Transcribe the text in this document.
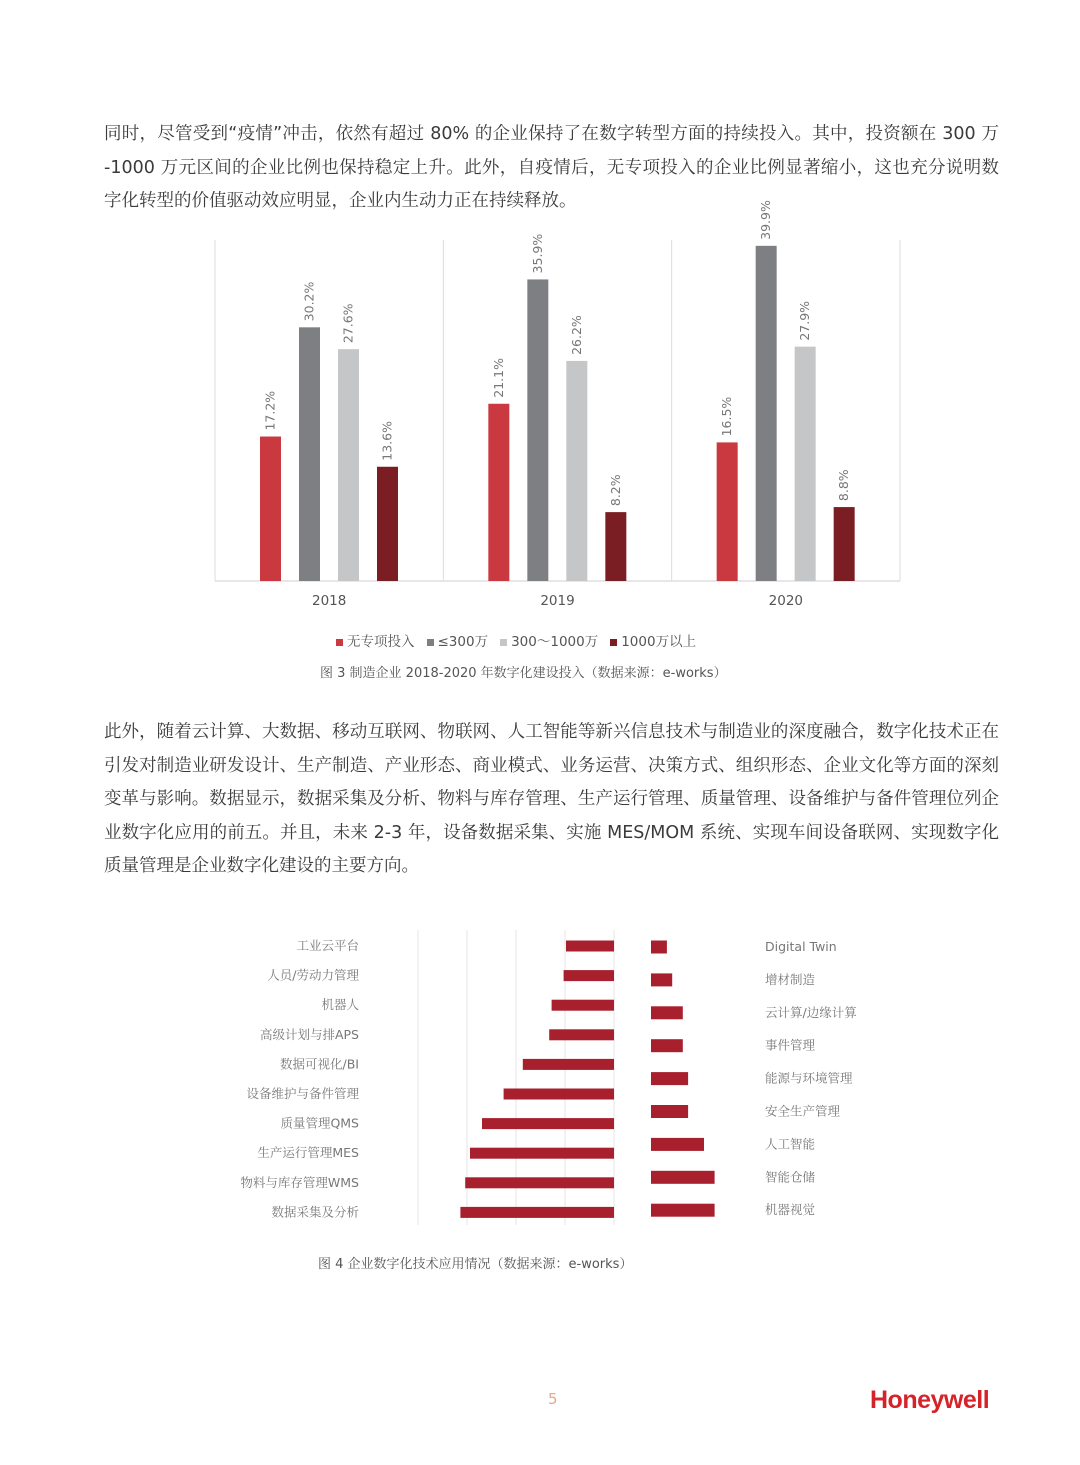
同时，尽管受到“疫情”冲击，依然有超过 80% 的企业保持了在数字转型方面的持续投入。其中，投资额在 300 万 -1000 万元区间的企业比例也保持稳定上升。此外，自疫情后，无专项投入的企业比例显著缩小，这也充分说明数字化转型的价值驱动效应明显，企业内生动力正在持续释放。

17.2%
30.2%
27.6%
13.6%
2018
21.1%
35.9%
26.2%
8.2%
2019
16.5%
39.9%
27.9%
8.8%
2020
无专项投入 ≤300万 300～1000万 1000万以上
图 3 制造企业 2018-2020 年数字化建设投入（数据来源：e-works）

此外，随着云计算、大数据、移动互联网、物联网、人工智能等新兴信息技术与制造业的深度融合，数字化技术正在引发对制造业研发设计、生产制造、产业形态、商业模式、业务运营、决策方式、组织形态、企业文化等方面的深刻变革与影响。数据显示，数据采集及分析、物料与库存管理、生产运行管理、质量管理、设备维护与备件管理位列企业数字化应用的前五。并且，未来 2-3 年，设备数据采集、实施 MES/MOM 系统、实现车间设备联网、实现数字化质量管理是企业数字化建设的主要方向。

工业云平台
人员/劳动力管理
机器人
高级计划与排APS
数据可视化/BI
设备维护与备件管理
质量管理QMS
生产运行管理MES
物料与库存管理WMS
数据采集及分析
Digital Twin
增材制造
云计算/边缘计算
事件管理
能源与环境管理
安全生产管理
人工智能
智能仓储
机器视觉
图 4 企业数字化技术应用情况（数据来源：e-works）
5	Honeywell
